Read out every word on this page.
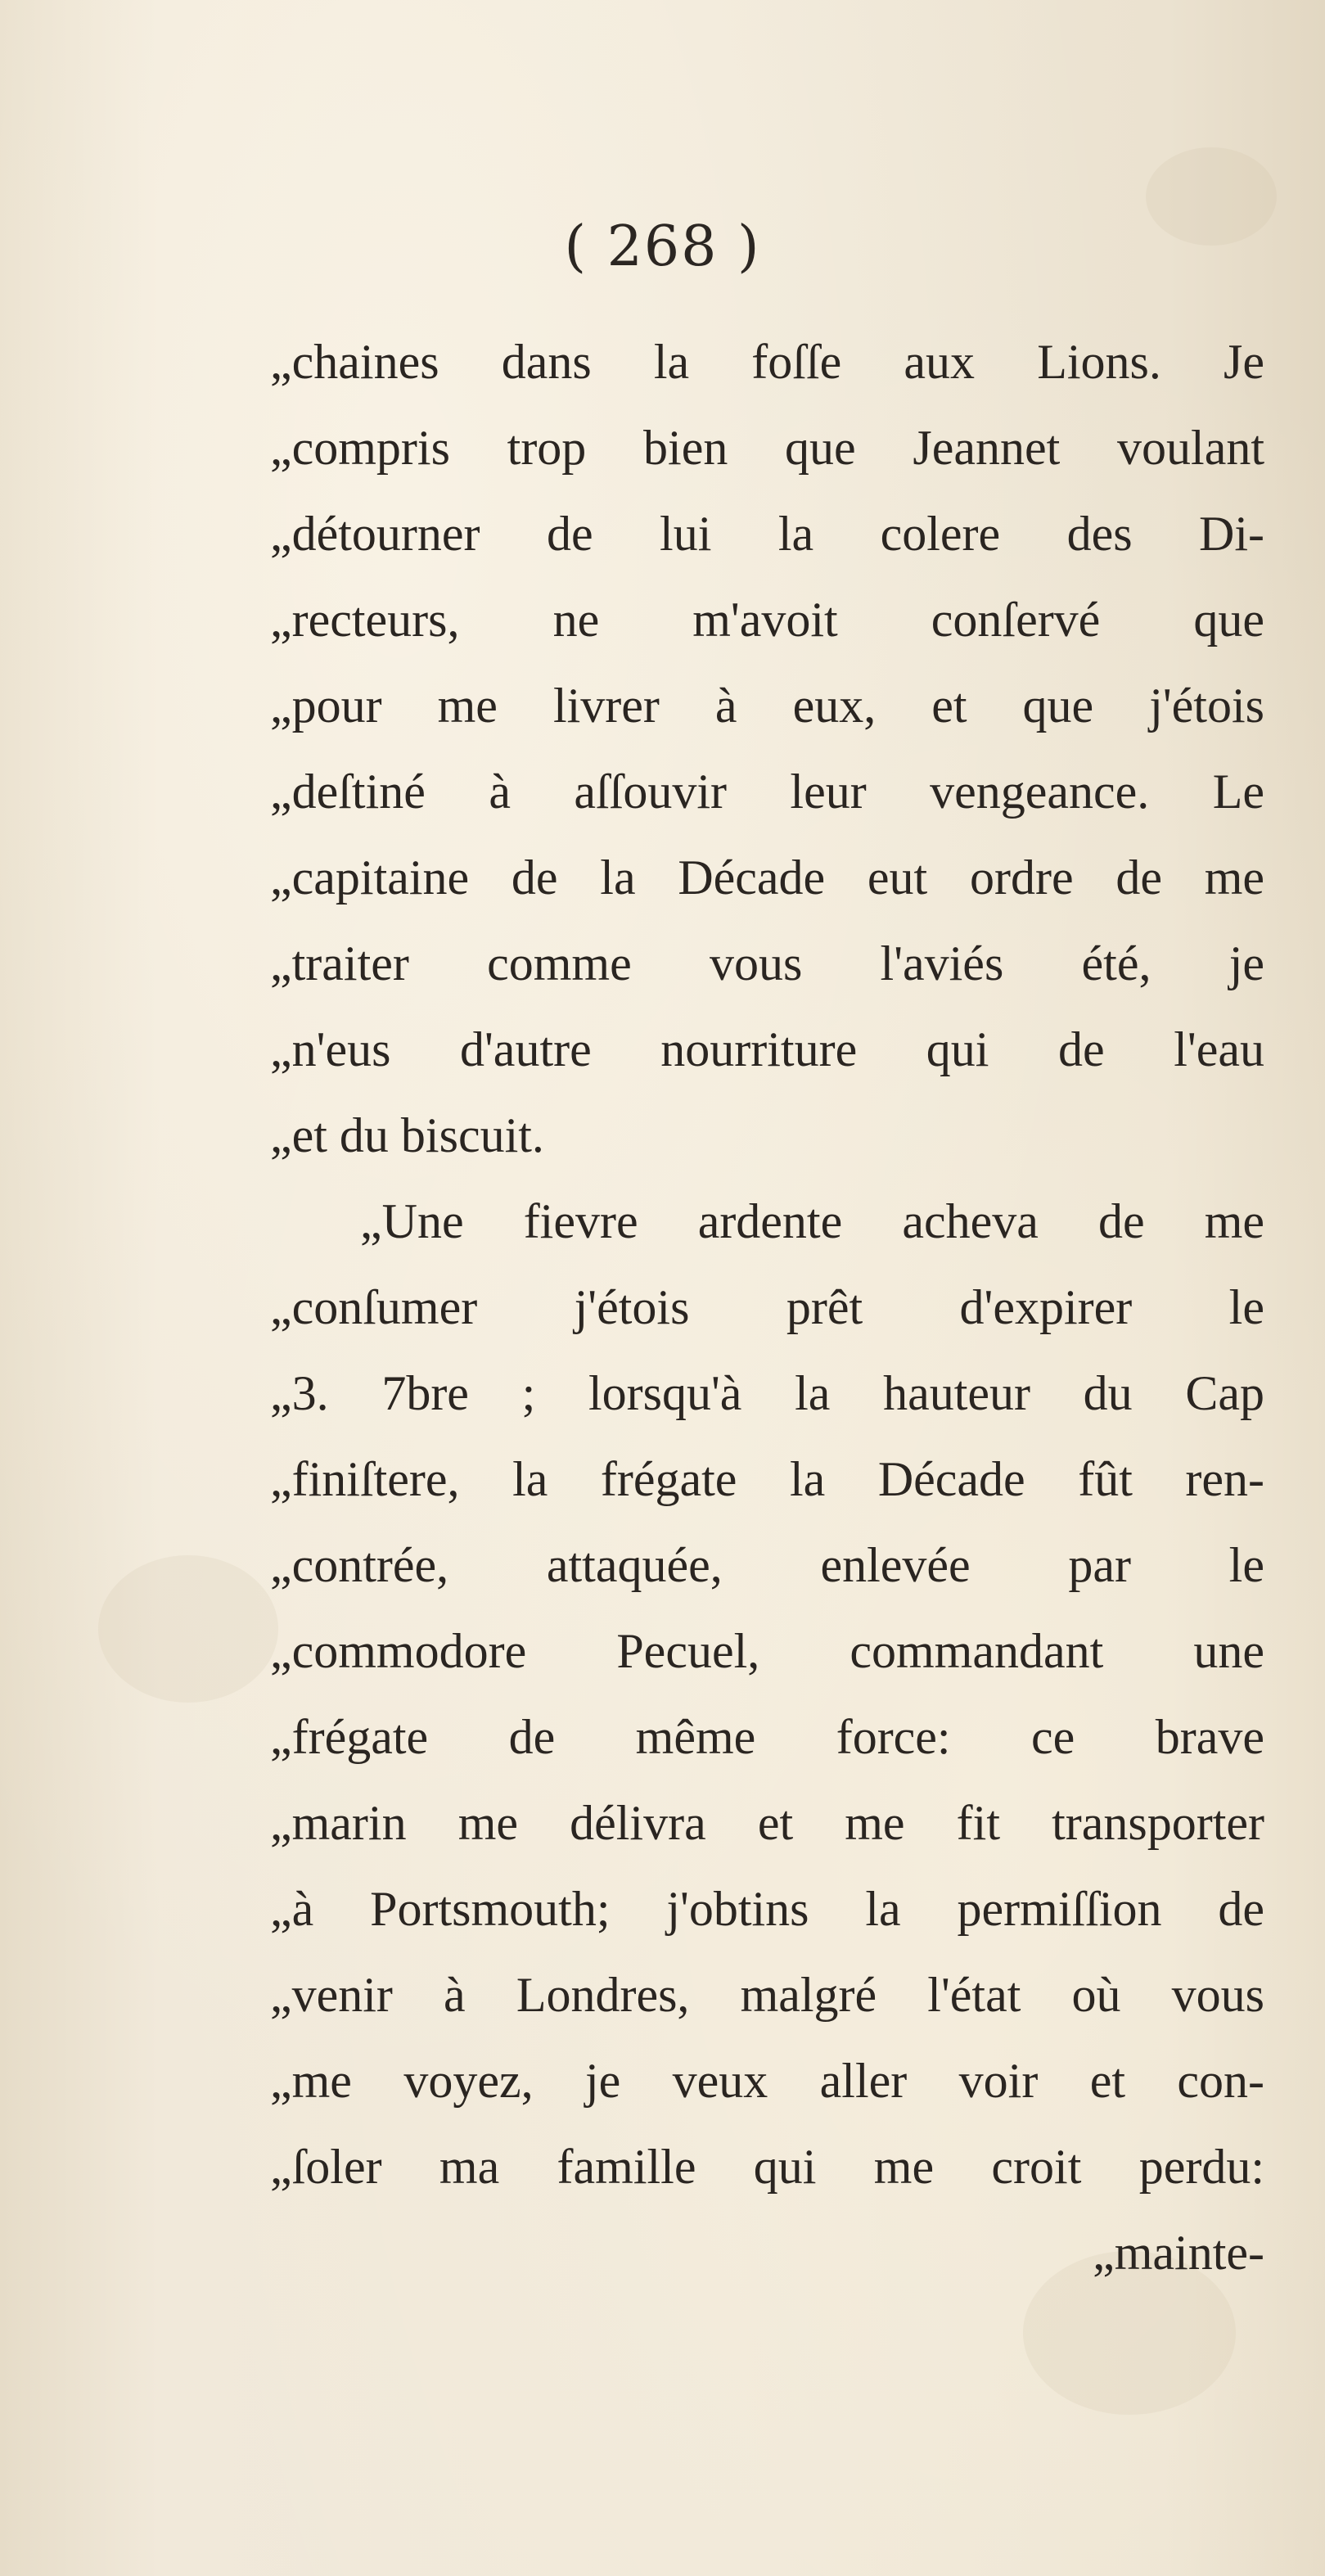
( 268 )
„chaines dans la foſſe aux Lions. Je
„compris trop bien que Jeannet voulant
„détourner de lui la colere des Di-
„recteurs, ne m'avoit conſervé que
„pour me livrer à eux, et que j'étois
„deſtiné à aſſouvir leur vengeance. Le
„capitaine de la Décade eut ordre de me
„traiter comme vous l'aviés été, je
„n'eus d'autre nourriture qui de l'eau
„et du biscuit.
„Une fievre ardente acheva de me
„conſumer j'étois prêt d'expirer le
„3. 7bre ; lorsqu'à la hauteur du Cap
„finiſtere, la frégate la Décade fût ren-
„contrée, attaquée, enlevée par le
„commodore Pecuel, commandant une
„frégate de même force: ce brave
„marin me délivra et me fit transporter
„à Portsmouth; j'obtins la permiſſion de
„venir à Londres, malgré l'état où vous
„me voyez, je veux aller voir et con-
„ſoler ma famille qui me croit perdu:
„mainte-
